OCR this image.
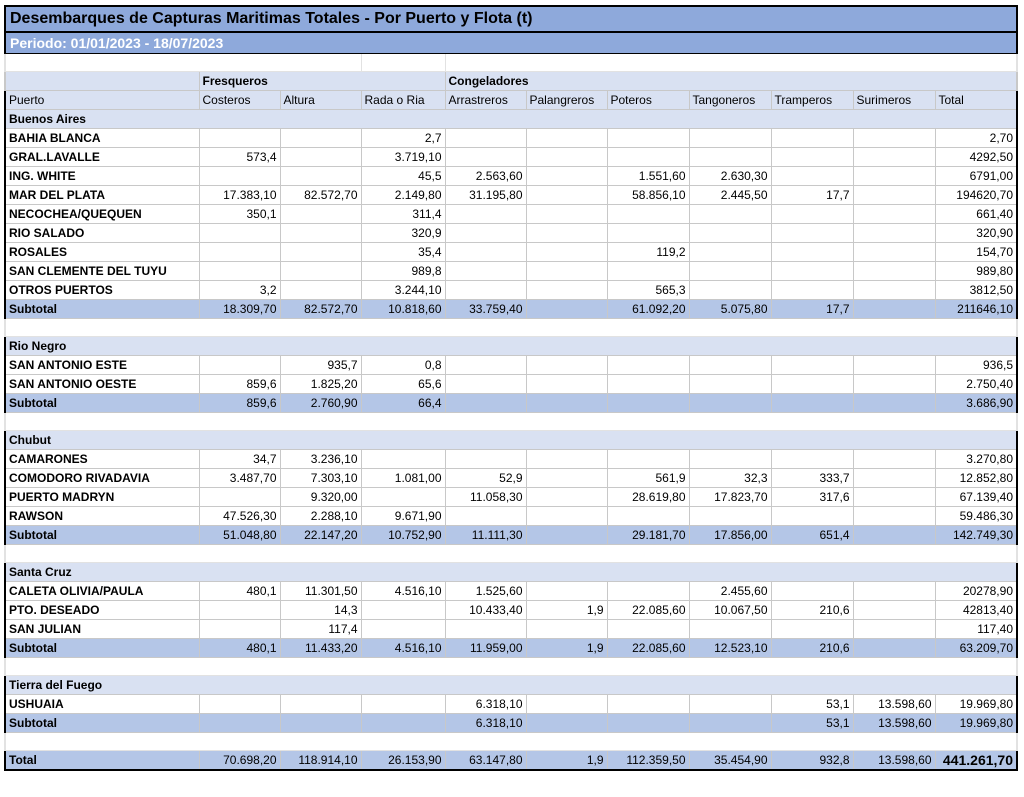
Desembarques de Capturas Maritimas Totales - Por Puerto y Flota (t)										
Periodo: 01/01/2023 - 18/07/2023										

	Fresqueros			Congeladores						
Puerto	Costeros	Altura	Rada o Ria	Arrastreros	Palangreros	Poteros	Tangoneros	Tramperos	Surimeros	Total
Buenos Aires										
BAHIA BLANCA			2,7							2,70
GRAL.LAVALLE	573,4		3.719,10							4292,50
ING. WHITE			45,5	2.563,60		1.551,60	2.630,30			6791,00
MAR DEL PLATA	17.383,10	82.572,70	2.149,80	31.195,80		58.856,10	2.445,50	17,7		194620,70
NECOCHEA/QUEQUEN	350,1		311,4							661,40
RIO SALADO			320,9							320,90
ROSALES			35,4			119,2				154,70
SAN CLEMENTE DEL TUYU			989,8							989,80
OTROS PUERTOS	3,2		3.244,10			565,3				3812,50
Subtotal	18.309,70	82.572,70	10.818,60	33.759,40		61.092,20	5.075,80	17,7		211646,10

Rio Negro										
SAN ANTONIO ESTE		935,7	0,8							936,5
SAN ANTONIO OESTE	859,6	1.825,20	65,6							2.750,40
Subtotal	859,6	2.760,90	66,4							3.686,90

Chubut										
CAMARONES	34,7	3.236,10								3.270,80
COMODORO RIVADAVIA	3.487,70	7.303,10	1.081,00	52,9		561,9	32,3	333,7		12.852,80
PUERTO MADRYN		9.320,00		11.058,30		28.619,80	17.823,70	317,6		67.139,40
RAWSON	47.526,30	2.288,10	9.671,90							59.486,30
Subtotal	51.048,80	22.147,20	10.752,90	11.111,30		29.181,70	17.856,00	651,4		142.749,30

Santa Cruz										
CALETA OLIVIA/PAULA	480,1	11.301,50	4.516,10	1.525,60			2.455,60			20278,90
PTO. DESEADO		14,3		10.433,40	1,9	22.085,60	10.067,50	210,6		42813,40
SAN JULIAN		117,4								117,40
Subtotal	480,1	11.433,20	4.516,10	11.959,00	1,9	22.085,60	12.523,10	210,6		63.209,70

Tierra del Fuego										
USHUAIA				6.318,10				53,1	13.598,60	19.969,80
Subtotal				6.318,10				53,1	13.598,60	19.969,80

Total	70.698,20	118.914,10	26.153,90	63.147,80	1,9	112.359,50	35.454,90	932,8	13.598,60	441.261,70
